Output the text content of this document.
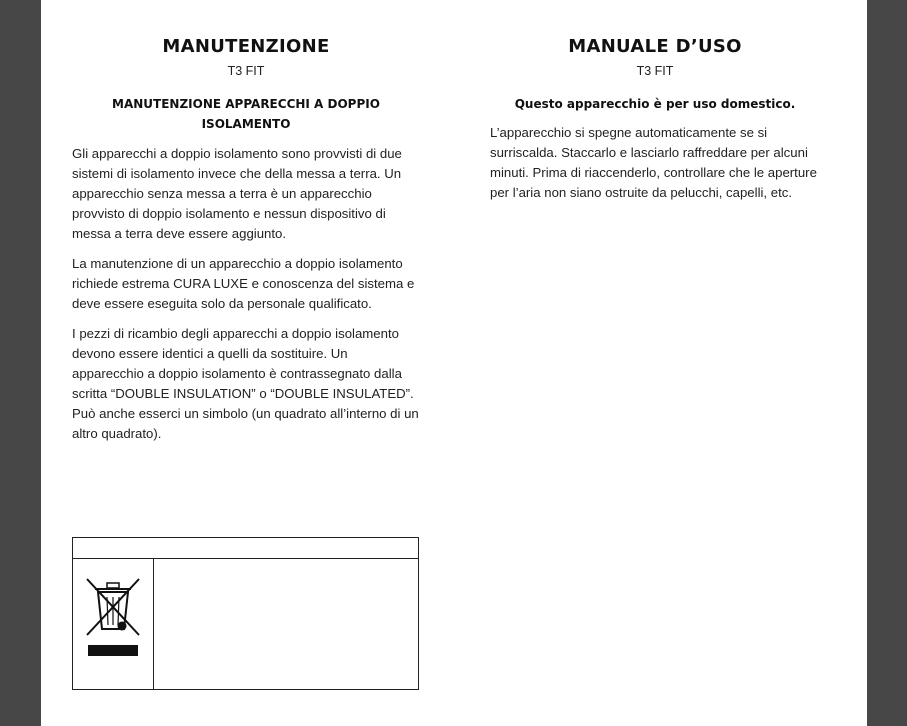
MANUTENZIONE
T3 FIT
MANUTENZIONE APPARECCHI A DOPPIO ISOLAMENTO

Gli apparecchi a doppio isolamento sono provvisti di due sistemi di isolamento invece che della messa a terra. Un apparecchio senza messa a terra è un apparecchio provvisto di doppio isolamento e nessun dispositivo di messa a terra deve essere aggiunto.

La manutenzione di un apparecchio a doppio isolamento richiede estrema CURA LUXE e conoscenza del sistema e deve essere eseguita solo da personale qualificato.

I pezzi di ricambio degli apparecchi a doppio isolamento devono essere identici a quelli da sostituire. Un apparecchio a doppio isolamento è contrassegnato dalla scritta “DOUBLE INSULATION” o “DOUBLE INSULATED”. Può anche esserci un simbolo (un quadrato all’interno di un altro quadrato).

MANUALE D’USO
T3 FIT
Questo apparecchio è per uso domestico.

L’apparecchio si spegne automaticamente se si surriscalda. Staccarlo e lasciarlo raffreddare per alcuni minuti. Prima di riaccenderlo, controllare che le aperture per l’aria non siano ostruite da pelucchi, capelli, etc.
